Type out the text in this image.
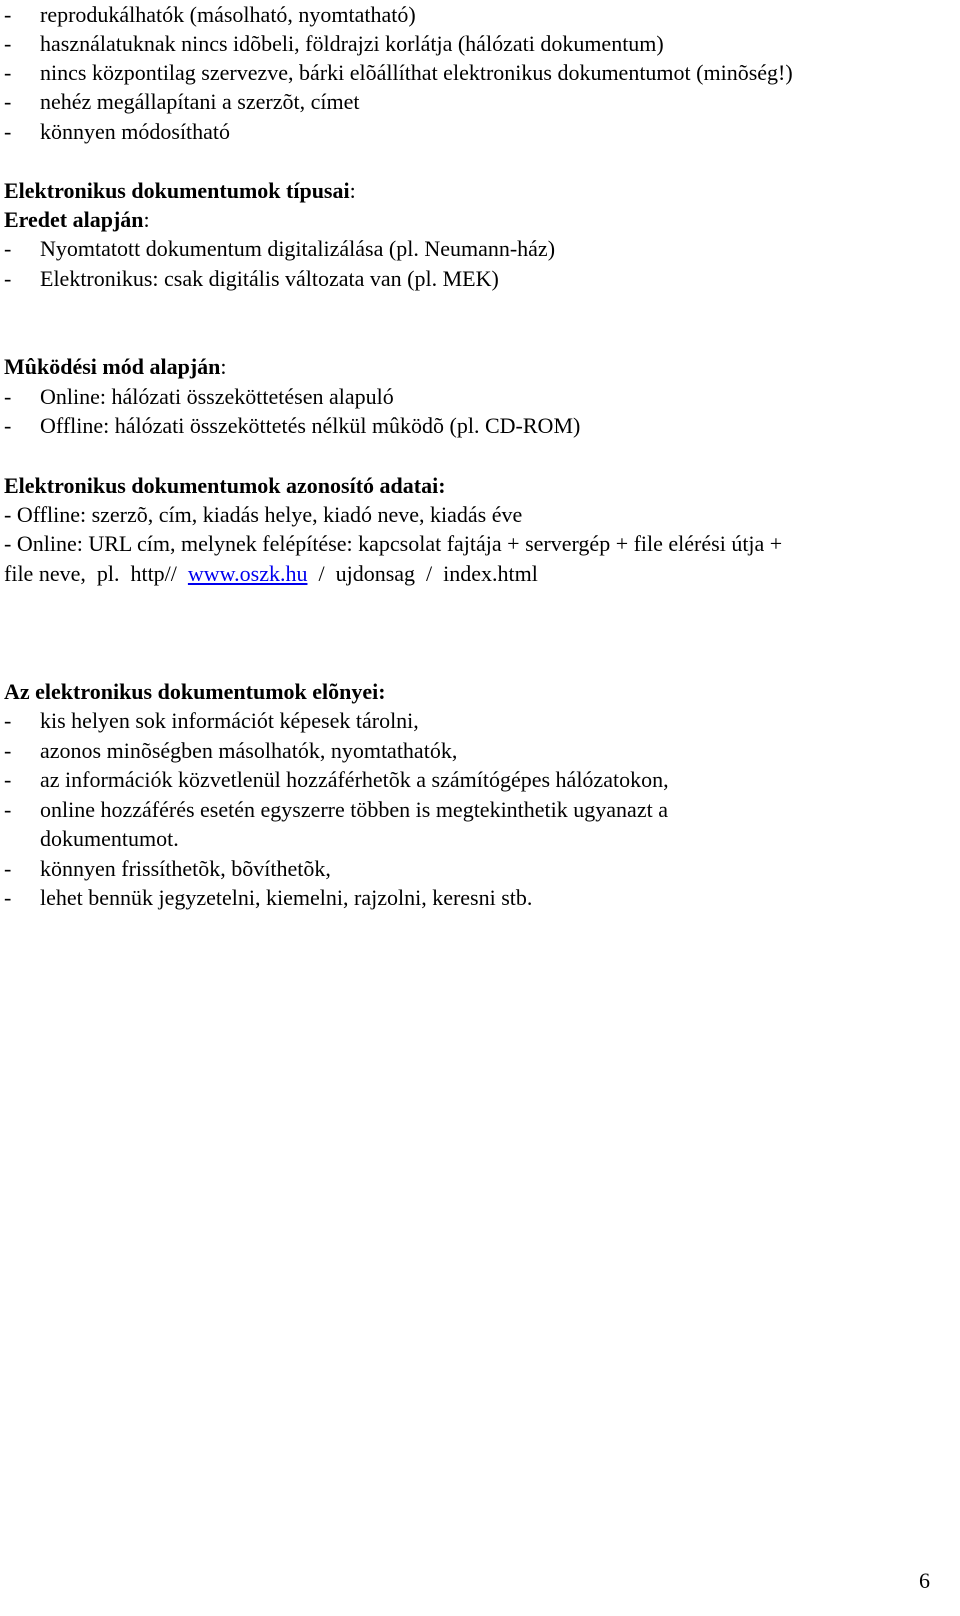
-	reprodukálhatók (másolható, nyomtatható)
-	használatuknak nincs idõbeli, földrajzi korlátja (hálózati dokumentum)
-	nincs központilag szervezve, bárki elõállíthat elektronikus dokumentumot (minõség!)
-	nehéz megállapítani a szerzõt, címet
-	könnyen módosítható
Elektronikus dokumentumok típusai:
Eredet alapján:
-	Nyomtatott dokumentum digitalizálása (pl. Neumann-ház)
-	Elektronikus: csak digitális változata van (pl. MEK)
Mûködési mód alapján:
-	Online: hálózati összeköttetésen alapuló
-	Offline: hálózati összeköttetés nélkül mûködõ (pl. CD-ROM)
Elektronikus dokumentumok azonosító adatai:
- Offline: szerzõ, cím, kiadás helye, kiadó neve, kiadás éve
- Online: URL cím, melynek felépítése: kapcsolat fajtája + servergép + file elérési útja +
file neve,  pl.  http//  www.oszk.hu  /  ujdonsag  /  index.html
Az elektronikus dokumentumok elõnyei:
-	kis helyen sok információt képesek tárolni,
-	azonos minõségben másolhatók, nyomtathatók,
-	az információk közvetlenül hozzáférhetõk a számítógépes hálózatokon,
-	online hozzáférés esetén egyszerre többen is megtekinthetik ugyanazt a
dokumentumot.
-	könnyen frissíthetõk, bõvíthetõk,
-	lehet bennük jegyzetelni, kiemelni, rajzolni, keresni stb.
6
